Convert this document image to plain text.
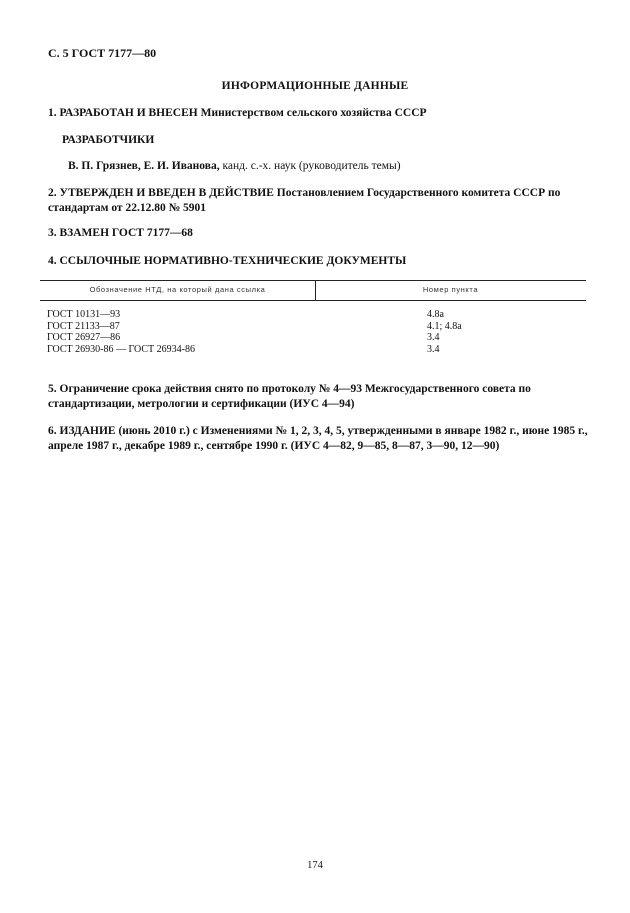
С. 5 ГОСТ 7177—80
ИНФОРМАЦИОННЫЕ ДАННЫЕ
1. РАЗРАБОТАН И ВНЕСЕН Министерством сельского хозяйства СССР
РАЗРАБОТЧИКИ
В. П. Грязнев, Е. И. Иванова, канд. с.-х. наук (руководитель темы)
2. УТВЕРЖДЕН И ВВЕДЕН В ДЕЙСТВИЕ Постановлением Государственного комитета СССР по стандартам от 22.12.80 № 5901
3. ВЗАМЕН ГОСТ 7177—68
4. ССЫЛОЧНЫЕ НОРМАТИВНО-ТЕХНИЧЕСКИЕ ДОКУМЕНТЫ
Обозначение НТД, на который дана ссылка	Номер пункта
ГОСТ 10131—93	4.8а
ГОСТ 21133—87	4.1; 4.8а
ГОСТ 26927—86	3.4
ГОСТ 26930-86 — ГОСТ 26934-86	3.4
5. Ограничение срока действия снято по протоколу № 4—93 Межгосударственного совета по стандартизации, метрологии и сертификации (ИУС 4—94)
6. ИЗДАНИЕ (июнь 2010 г.) с Изменениями № 1, 2, 3, 4, 5, утвержденными в январе 1982 г., июне 1985 г., апреле 1987 г., декабре 1989 г., сентябре 1990 г. (ИУС 4—82, 9—85, 8—87, 3—90, 12—90)
174
